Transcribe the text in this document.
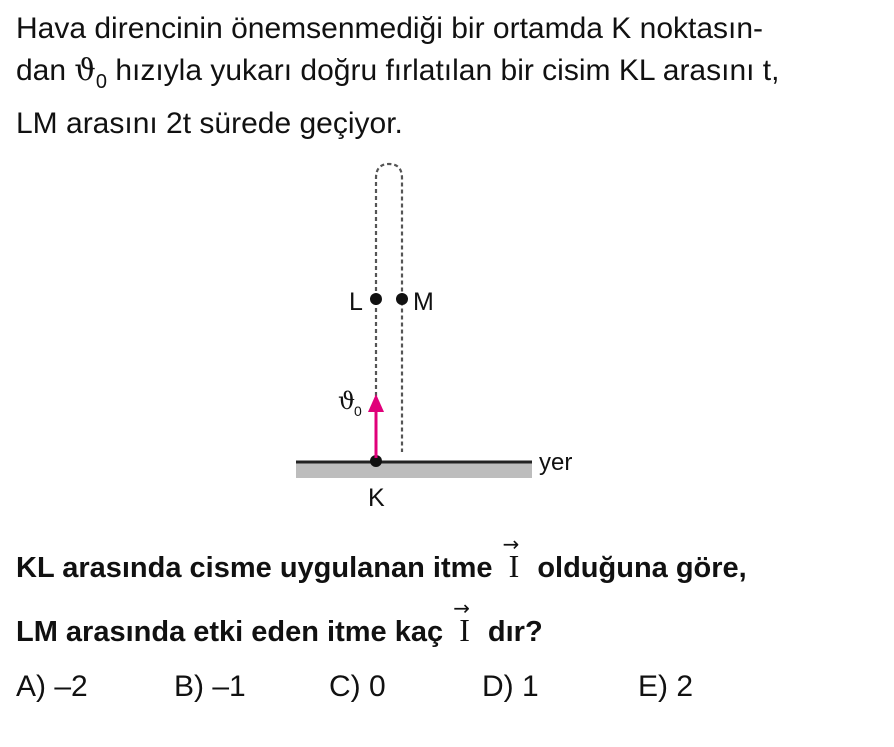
Hava direncinin önemsenmediği bir ortamda K noktasın-

dan $ϑ_0$ hızıyla yukarı doğru fırlatılan bir cisim KL arasını t,

LM arasını 2t sürede geçiyor.

L M
K
yer
ϑ
0
KL arasında cisme uygulanan itme
→
I olduğuna göre,
LM arasında etki eden itme kaç
→
I dır?
A) –2	B) –1	C) 0	D) 1	E) 2
